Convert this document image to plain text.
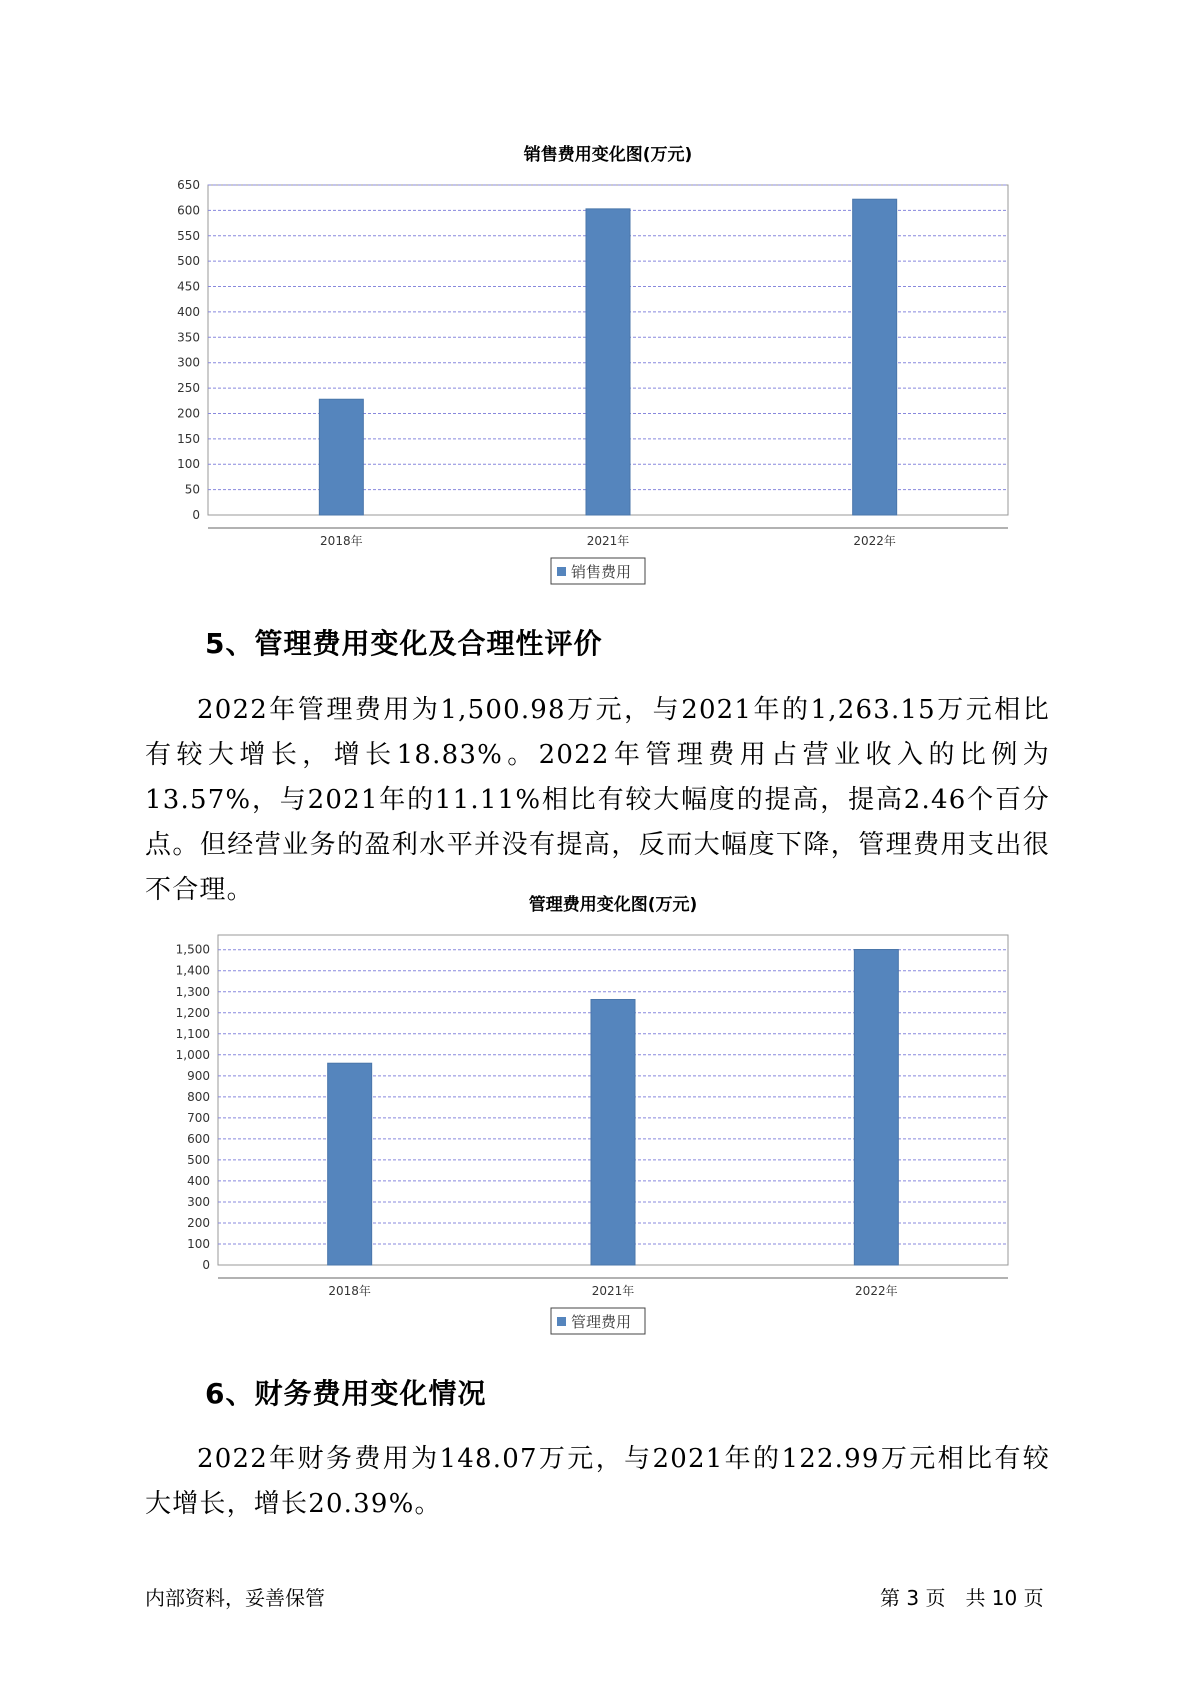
销售费用变化图(万元)
0
50
100
150
200
250
300
350
400
450
500
550
600
650
2018年	2021年	2022年
销售费用
5、管理费用变化及合理性评价

2022年管理费用为1,500.98万元，与2021年的1,263.15万元相比有较大增长，增长18.83%。2022年管理费用占营业收入的比例为13.57%，与2021年的11.11%相比有较大幅度的提高，提高2.46个百分点。但经营业务的盈利水平并没有提高，反而大幅度下降，管理费用支出很不合理。	管理费用变化图(万元)
0
100
200
300
400
500
600
700
800
900
1,000
1,100
1,200
1,300
1,400
1,500
2018年	2021年	2022年
管理费用
6、财务费用变化情况

2022年财务费用为148.07万元，与2021年的122.99万元相比有较大增长，增长20.39%。

内部资料，妥善保管	第 3 页　共 10 页
